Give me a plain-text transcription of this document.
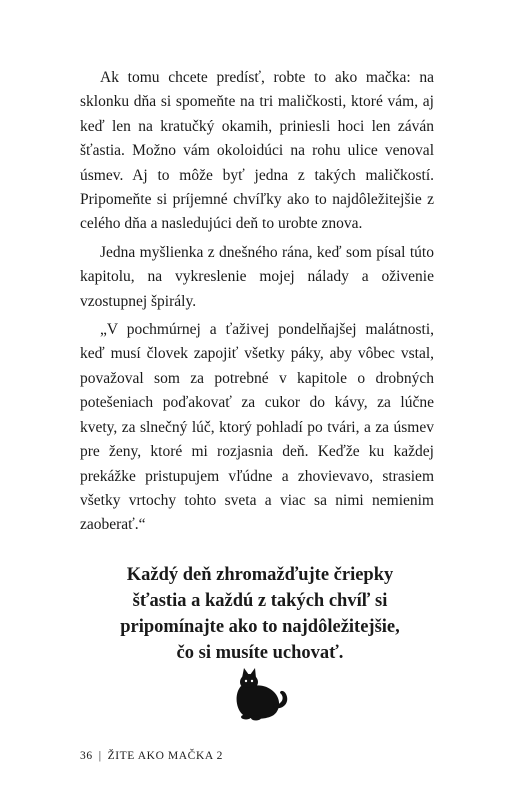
Ak tomu chcete predísť, robte to ako mačka: na sklonku dňa si spomeňte na tri maličkosti, ktoré vám, aj keď len na kratučký okamih, priniesli hoci len záván šťastia. Možno vám okoloidúci na rohu ulice venoval úsmev. Aj to môže byť jedna z takých maličkostí. Pripomeňte si príjemné chvíľky ako to najdôležitejšie z celého dňa a nasledujúci deň to urobte znova.

Jedna myšlienka z dnešného rána, keď som písal túto kapitolu, na vykreslenie mojej nálady a oživenie vzostupnej špirály.

„V pochmúrnej a ťaživej pondelňajšej malátnosti, keď musí človek zapojiť všetky páky, aby vôbec vstal, považoval som za potrebné v kapitole o drobných potešeniach poďakovať za cukor do kávy, za lúčne kvety, za slnečný lúč, ktorý pohladí po tvári, a za úsmev pre ženy, ktoré mi rozjasnia deň. Keďže ku každej prekážke pristupujem vľúdne a zhovievavo, strasiem všetky vrtochy tohto sveta a viac sa nimi nemienim zaoberať.“

Každý deň zhromažďujte čriepky
šťastia a každú z takých chvíľ si
pripomínajte ako to najdôležitejšie,
čo si musíte uchovať.
36 | ŽITE AKO MAČKA 2
